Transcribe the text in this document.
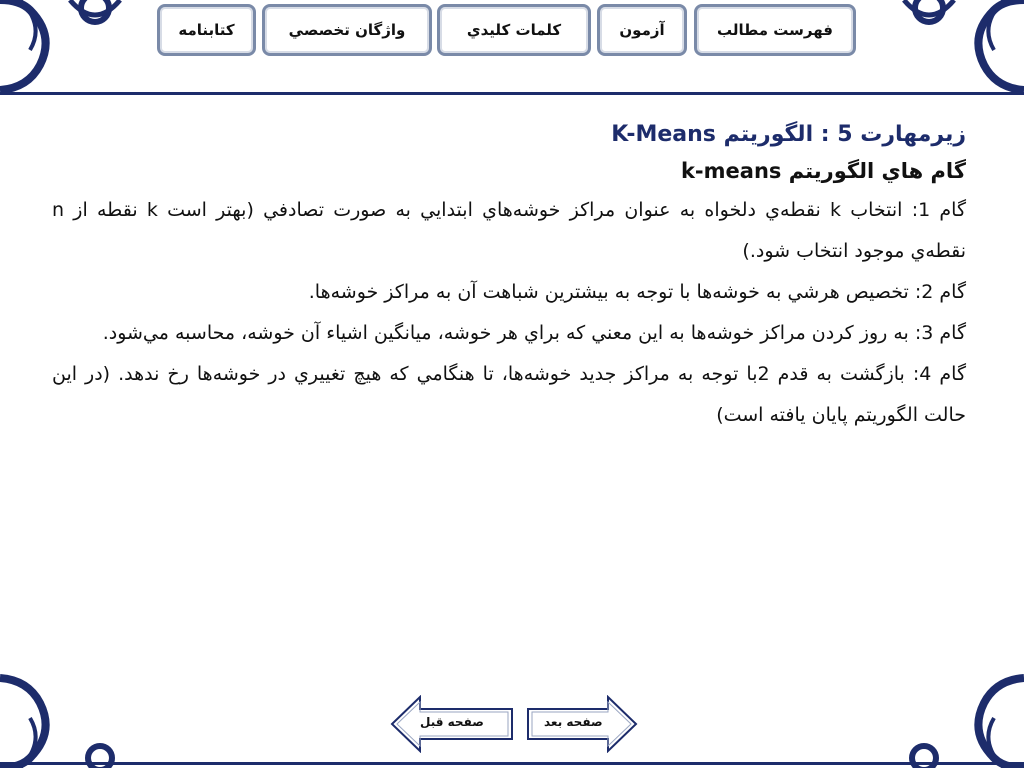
فهرست مطالب
آزمون
كلمات كليدي
واژگان تخصصي
کتابنامه

زیرمهارت 5 : الگوريتم K-Means

گام هاي الگوريتم k-means

گام 1: انتخاب k نقطه‌ي دلخواه به عنوان مراكز خوشه‌هاي ابتدايي به صورت تصادفي (بهتر است k نقطه از n نقطه‌ي موجود انتخاب شود.)

گام 2: تخصيص هرشي به خوشه‌ها با توجه به بيشترين شباهت آن به مراكز خوشه‌ها.

گام 3: به روز كردن مراكز خوشه‌ها به اين معني كه براي هر خوشه، ميانگين اشياء آن خوشه، محاسبه مي‌شود.

گام 4: بازگشت به قدم 2با توجه به مراكز جديد خوشه‌ها، تا هنگامي كه هيچ تغييري در خوشه‌ها رخ ندهد. (در اين حالت الگوريتم پايان يافته است)

صفحه قبل	صفحه بعد
